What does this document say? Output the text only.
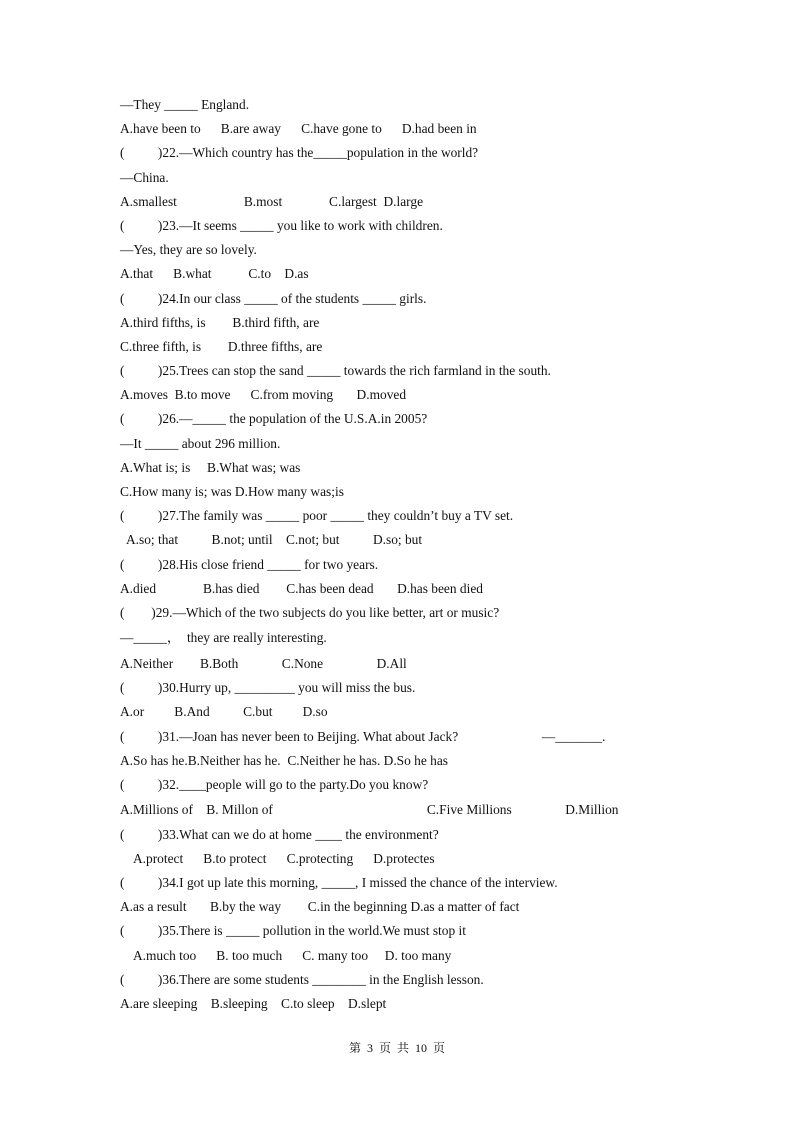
—They _____ England.
A.have been to      B.are away      C.have gone to      D.had been in
(          )22.—Which country has the_____population in the world?
—China.
A.smallest                    B.most              C.largest  D.large
(          )23.—It seems _____ you like to work with children.
—Yes, they are so lovely.
A.that      B.what           C.to    D.as
(          )24.In our class _____ of the students _____ girls.
A.third fifths, is        B.third fifth, are
C.three fifth, is        D.three fifths, are
(          )25.Trees can stop the sand _____ towards the rich farmland in the south.
A.moves  B.to move      C.from moving       D.moved
(          )26.—_____ the population of the U.S.A.in 2005?
—It _____ about 296 million.
A.What is; is     B.What was; was
C.How many is; was D.How many was;is
(          )27.The family was _____ poor _____ they couldn’t buy a TV set.
A.so; that          B.not; until    C.not; but          D.so; but
(          )28.His close friend _____ for two years.
A.died              B.has died        C.has been dead       D.has been died
(        )29.—Which of the two subjects do you like better, art or music?
—_____，  they are really interesting.
A.Neither        B.Both             C.None                D.All
(          )30.Hurry up, _________ you will miss the bus.
A.or         B.And          C.but         D.so
(          )31.—Joan has never been to Beijing. What about Jack?                         —_______.
A.So has he.B.Neither has he.  C.Neither he has. D.So he has
(          )32.____people will go to the party.Do you know?
A.Millions of    B. Millon of                                              C.Five Millions                D.Million
(          )33.What can we do at home ____ the environment?
A.protect      B.to protect      C.protecting      D.protectes
(          )34.I got up late this morning, _____, I missed the chance of the interview.
A.as a result       B.by the way        C.in the beginning D.as a matter of fact
(          )35.There is _____ pollution in the world.We must stop it
A.much too      B. too much      C. many too     D. too many
(          )36.There are some students ________ in the English lesson.
A.are sleeping    B.sleeping    C.to sleep    D.slept
第  3  页  共  10  页
